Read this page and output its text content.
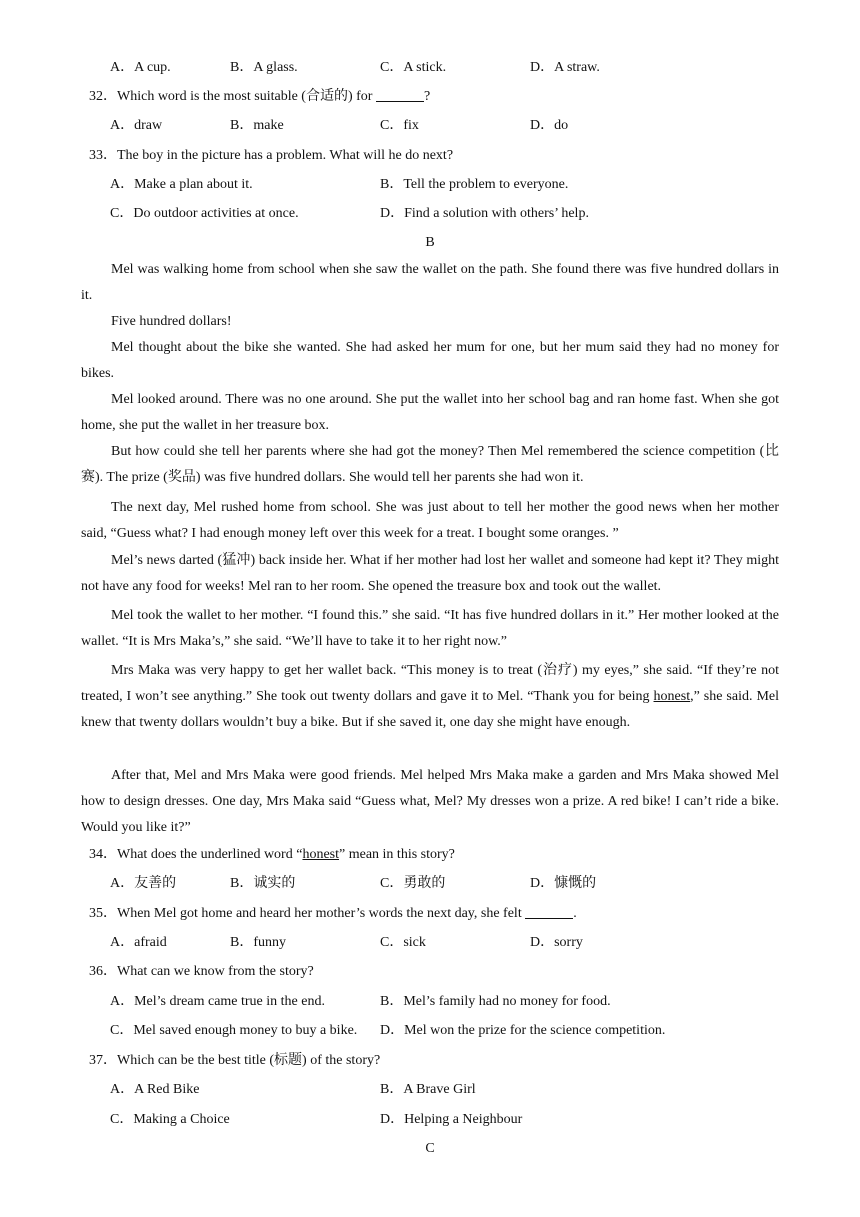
A．A cup.	B．A glass.	C．A stick.	D．A straw.
32．Which word is the most suitable (合适的) for	?
A．draw	B．make	C．fix	D．do
33．The boy in the picture has a problem. What will he do next?
A．Make a plan about it.	B．Tell the problem to everyone.
C．Do outdoor activities at once.	D．Find a solution with others’ help.
B
Mel was walking home from school when she saw the wallet on the path. She found there was five hundred dollars in it.
Five hundred dollars!
Mel thought about the bike she wanted. She had asked her mum for one, but her mum said they had no money for bikes.
Mel looked around. There was no one around. She put the wallet into her school bag and ran home fast. When she got home, she put the wallet in her treasure box.
But how could she tell her parents where she had got the money? Then Mel remembered the science competition (比赛). The prize (奖品) was five hundred dollars. She would tell her parents she had won it.
The next day, Mel rushed home from school. She was just about to tell her mother the good news when her mother said, “Guess what? I had enough money left over this week for a treat. I bought some oranges. ”
Mel’s news darted (猛冲) back inside her. What if her mother had lost her wallet and someone had kept it? They might not have any food for weeks! Mel ran to her room. She opened the treasure box and took out the wallet.
Mel took the wallet to her mother. “I found this.” she said. “It has five hundred dollars in it.” Her mother looked at the wallet. “It is Mrs Maka’s,” she said. “We’ll have to take it to her right now.”
Mrs Maka was very happy to get her wallet back. “This money is to treat (治疗) my eyes,” she said. “If they’re not treated, I won’t see anything.” She took out twenty dollars and gave it to Mel. “Thank you for being honest,” she said. Mel knew that twenty dollars wouldn’t buy a bike. But if she saved it, one day she might have enough.
After that, Mel and Mrs Maka were good friends. Mel helped Mrs Maka make a garden and Mrs Maka showed Mel how to design dresses. One day, Mrs Maka said “Guess what, Mel? My dresses won a prize. A red bike! I can’t ride a bike. Would you like it?”
34．What does the underlined word “honest” mean in this story?
A．友善的	B．诚实的	C．勇敢的	D．慷慨的
35．When Mel got home and heard her mother’s words the next day, she felt	.
A．afraid	B．funny	C．sick	D．sorry
36．What can we know from the story?
A．Mel’s dream came true in the end.	B．Mel’s family had no money for food.
C．Mel saved enough money to buy a bike. D．Mel won the prize for the science competition.
37．Which can be the best title (标题) of the story?
A．A Red Bike	B．A Brave Girl
C．Making a Choice	D．Helping a Neighbour
C
